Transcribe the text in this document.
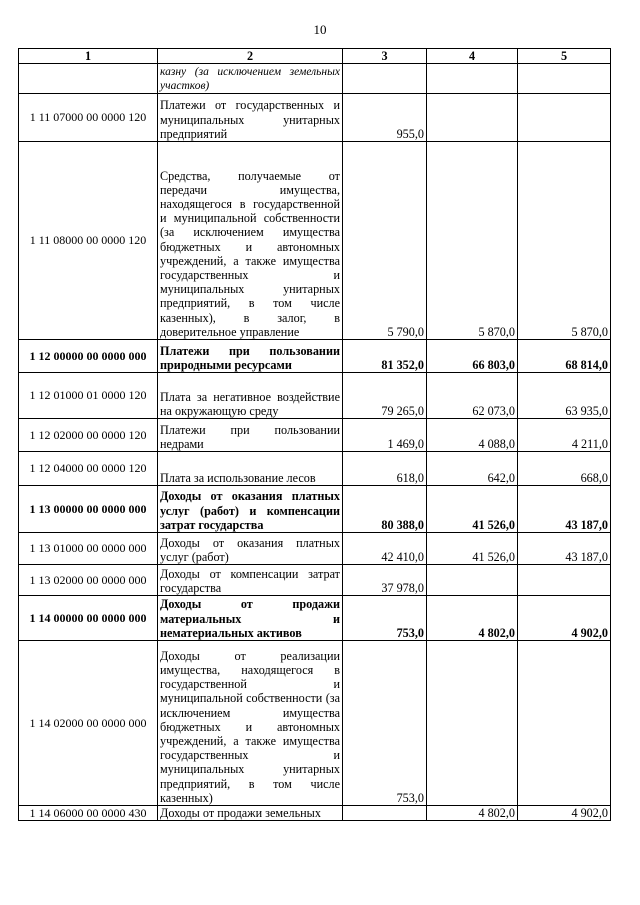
10
1	2	3	4	5
	казну (за исключением земельных участков)			
1 11 07000 00 0000 120	Платежи от государственных и муниципальных унитарных предприятий	955,0		
1 11 08000 00 0000 120	Средства, получаемые от передачи имущества, находящегося в государственной и муниципальной собственности (за исключением имущества бюджетных и автономных учреждений, а также имущества государственных и муниципальных унитарных предприятий, в том числе казенных), в залог, в доверительное управление	5 790,0	5 870,0	5 870,0
1 12 00000 00 0000 000	Платежи при пользовании природными ресурсами	81 352,0	66 803,0	68 814,0
1 12 01000 01 0000 120	Плата за негативное воздействие на окружающую среду	79 265,0	62 073,0	63 935,0
1 12 02000 00 0000 120	Платежи при пользовании недрами	1 469,0	4 088,0	4 211,0
1 12 04000 00 0000 120	Плата за использование лесов	618,0	642,0	668,0
1 13 00000 00 0000 000	Доходы от оказания платных услуг (работ) и компенсации затрат государства	80 388,0	41 526,0	43 187,0
1 13 01000 00 0000 000	Доходы от оказания платных услуг (работ)	42 410,0	41 526,0	43 187,0
1 13 02000 00 0000 000	Доходы от компенсации затрат государства	37 978,0		
1 14 00000 00 0000 000	Доходы от продажи материальных и нематериальных активов	753,0	4 802,0	4 902,0
1 14 02000 00 0000 000	Доходы от реализации имущества, находящегося в государственной и муниципальной собственности (за исключением имущества бюджетных и автономных учреждений, а также имущества государственных и муниципальных унитарных предприятий, в том числе казенных)	753,0		
1 14 06000 00 0000 430	Доходы от продажи земельных		4 802,0	4 902,0
